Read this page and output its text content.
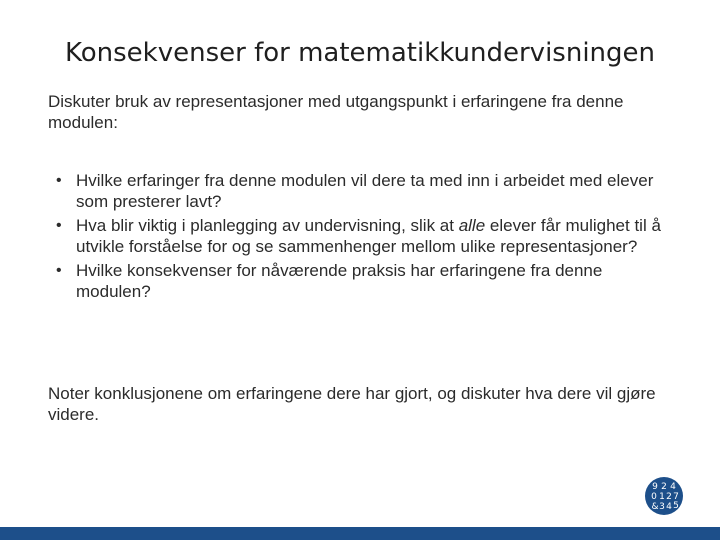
Konsekvenser for matematikkundervisningen

Diskuter bruk av representasjoner med utgangspunkt i erfaringene fra denne modulen:

• Hvilke erfaringer fra denne modulen vil dere ta med inn i arbeidet med elever som presterer lavt?
• Hva blir viktig i planlegging av undervisning, slik at alle elever får mulighet til å utvikle forståelse for og se sammenhenger mellom ulike representasjoner?
• Hvilke konsekvenser for nåværende praksis har erfaringene fra denne modulen?

Noter konklusjonene om erfaringene dere har gjort, og diskuter hva dere vil gjøre videre.

9 2 4
0 1 2 7
5
& 3 4
